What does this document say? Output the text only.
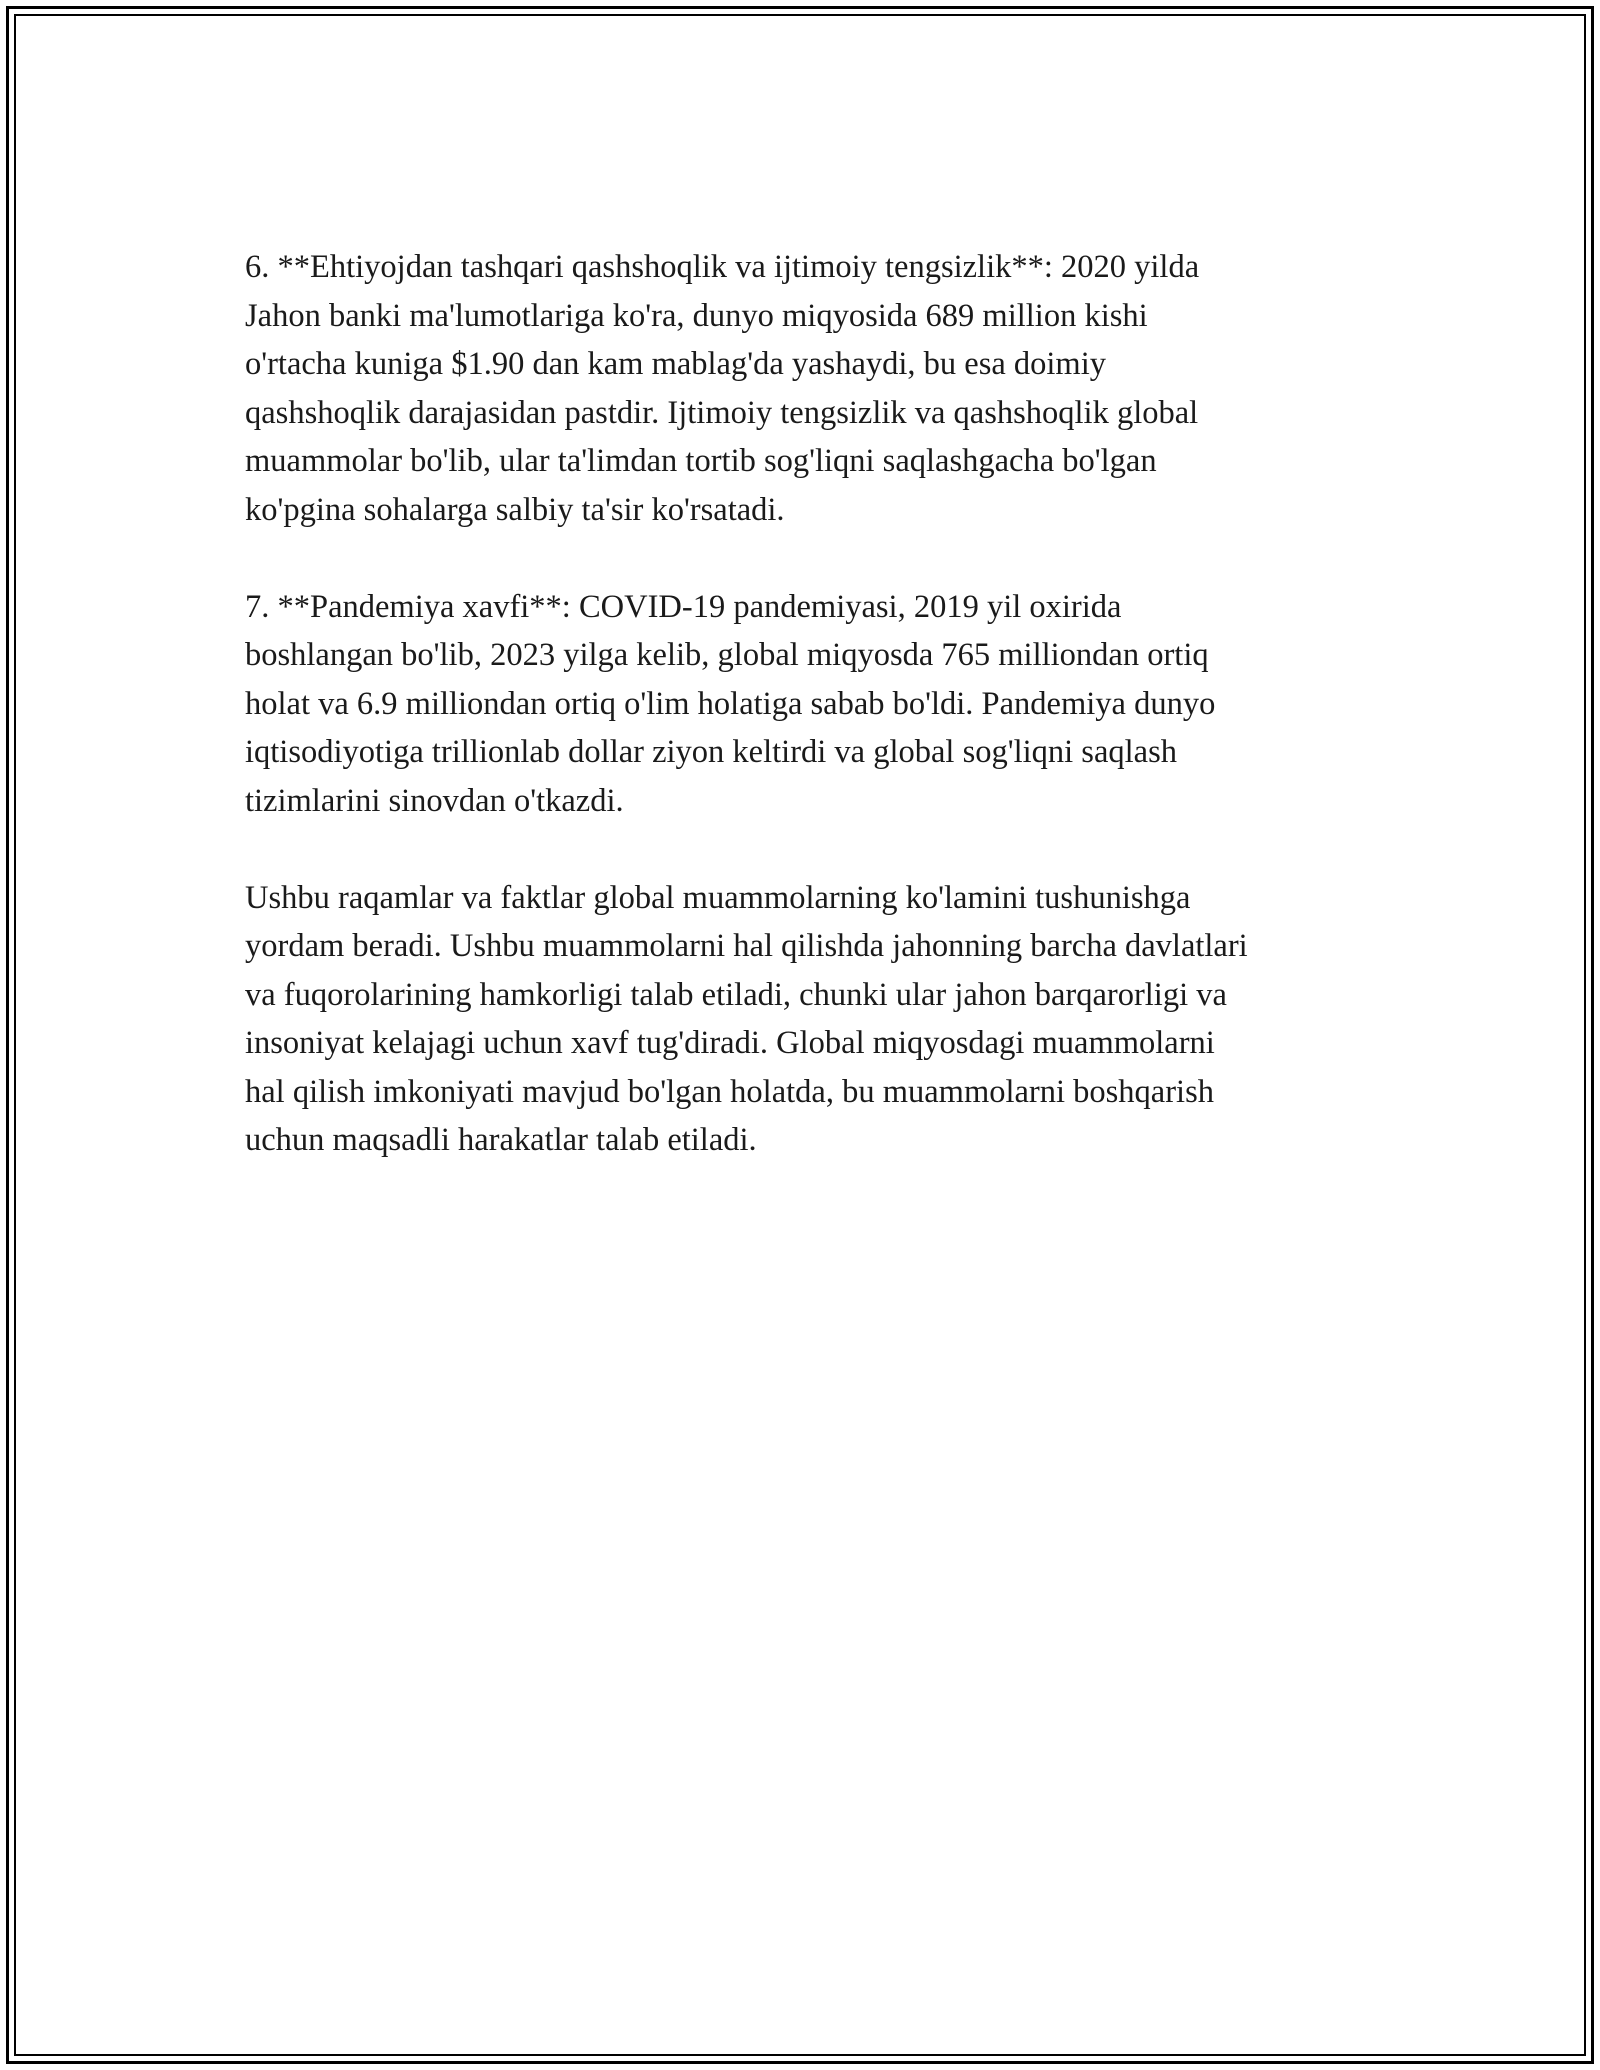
6. **Ehtiyojdan tashqari qashshoqlik va ijtimoiy tengsizlik**: 2020 yilda
Jahon banki ma'lumotlariga ko'ra, dunyo miqyosida 689 million kishi
o'rtacha kuniga $1.90 dan kam mablag'da yashaydi, bu esa doimiy
qashshoqlik darajasidan pastdir. Ijtimoiy tengsizlik va qashshoqlik global
muammolar bo'lib, ular ta'limdan tortib sog'liqni saqlashgacha bo'lgan
ko'pgina sohalarga salbiy ta'sir ko'rsatadi.

7. **Pandemiya xavfi**: COVID-19 pandemiyasi, 2019 yil oxirida
boshlangan bo'lib, 2023 yilga kelib, global miqyosda 765 milliondan ortiq
holat va 6.9 milliondan ortiq o'lim holatiga sabab bo'ldi. Pandemiya dunyo
iqtisodiyotiga trillionlab dollar ziyon keltirdi va global sog'liqni saqlash
tizimlarini sinovdan o'tkazdi.

Ushbu raqamlar va faktlar global muammolarning ko'lamini tushunishga
yordam beradi. Ushbu muammolarni hal qilishda jahonning barcha davlatlari
va fuqorolarining hamkorligi talab etiladi, chunki ular jahon barqarorligi va
insoniyat kelajagi uchun xavf tug'diradi. Global miqyosdagi muammolarni
hal qilish imkoniyati mavjud bo'lgan holatda, bu muammolarni boshqarish
uchun maqsadli harakatlar talab etiladi.
